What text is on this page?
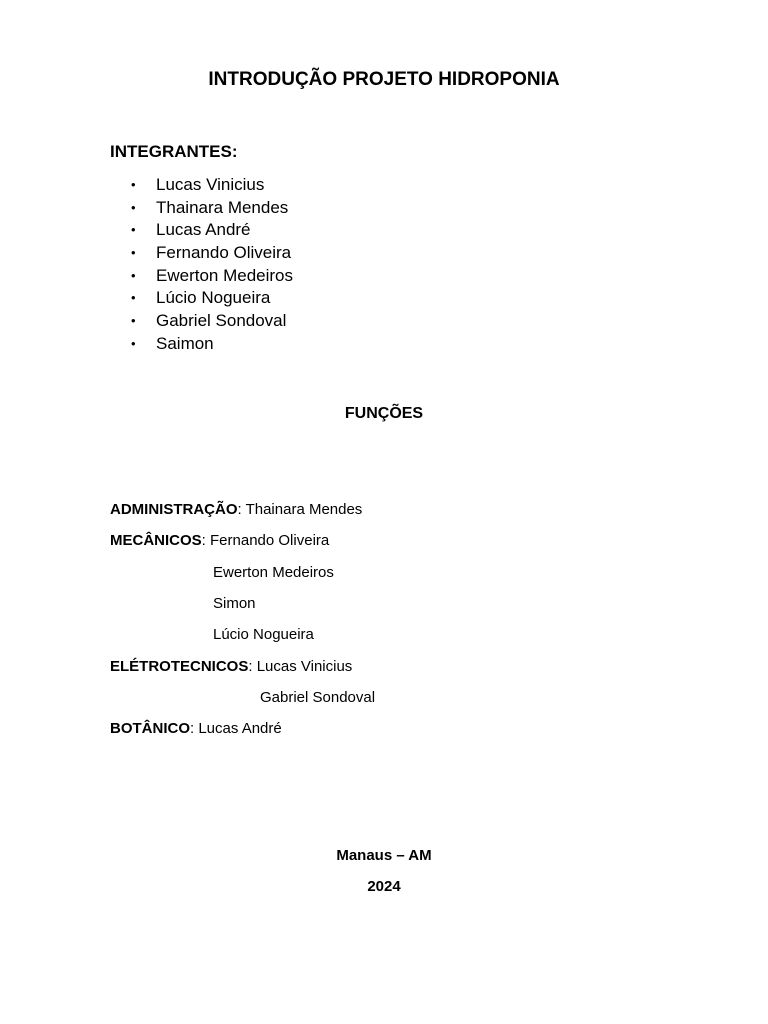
INTRODUÇÃO PROJETO HIDROPONIA
INTEGRANTES:
• Lucas Vinicius
• Thainara Mendes
• Lucas André
• Fernando Oliveira
• Ewerton Medeiros
• Lúcio Nogueira
• Gabriel Sondoval
• Saimon
FUNÇÕES
ADMINISTRAÇÃO: Thainara Mendes
MECÂNICOS: Fernando Oliveira
Ewerton Medeiros
Simon
Lúcio Nogueira
ELÉTROTECNICOS: Lucas Vinicius
Gabriel Sondoval
BOTÂNICO: Lucas André
Manaus – AM
2024
